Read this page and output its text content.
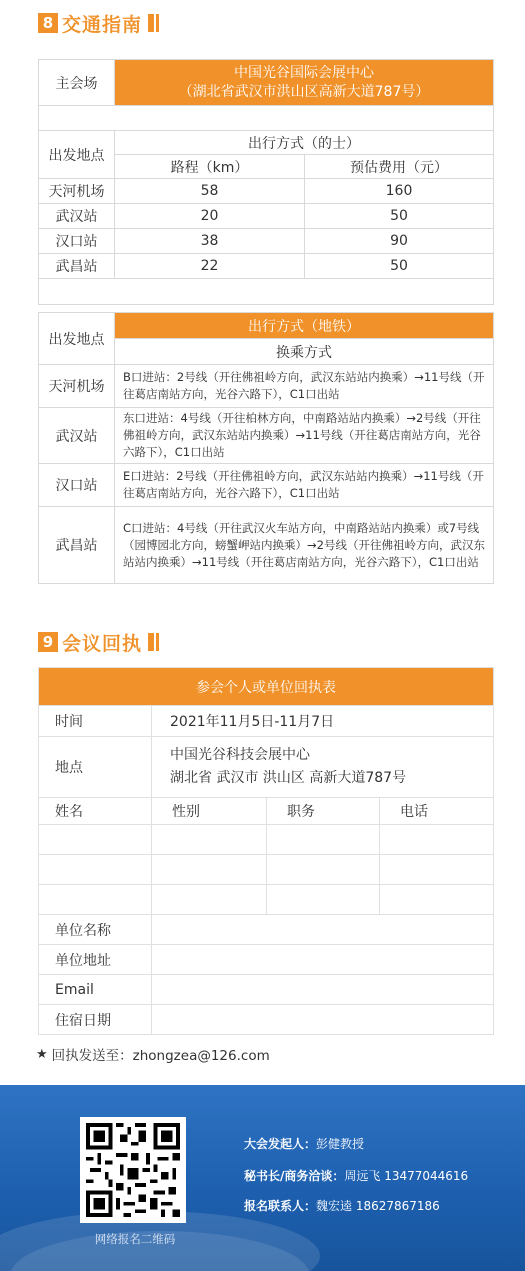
8 交通指南
主会场	中国光谷国际会展中心
（湖北省武汉市洪山区高新大道787号）	

出发地点	出行方式（的士）	
	路程（km）	预估费用（元）
天河机场	58	160
武汉站	20	50
汉口站	38	90
武昌站	22	50

出发地点	出行方式（地铁）
	换乘方式
天河机场	B口进站：2号线（开往佛祖岭方向，武汉东站站内换乘）→11号线（开往葛店南站方向，光谷六路下），C1口出站
武汉站	东口进站：4号线（开往柏林方向，中南路站站内换乘）→2号线（开往佛祖岭方向，武汉东站站内换乘）→11号线（开往葛店南站方向，光谷六路下），C1口出站
汉口站	E口进站：2号线（开往佛祖岭方向，武汉东站站内换乘）→11号线（开往葛店南站方向，光谷六路下），C1口出站
武昌站	C口进站：4号线（开往武汉火车站方向，中南路站站内换乘）或7号线（园博园北方向，螃蟹岬站内换乘）→2号线（开往佛祖岭方向，武汉东站站内换乘）→11号线（开往葛店南站方向，光谷六路下），C1口出站
9 会议回执
参会个人或单位回执表			
时间	2021年11月5日-11月7日		
地点	中国光谷科技会展中心
湖北省 武汉市 洪山区 高新大道787号		

姓名	性别	职务	电话

单位名称			
单位地址			
Email			
住宿日期			
★ 回执发送至：zhongzea@126.com
网络报名二维码
大会发起人：彭健教授
秘书长/商务洽谈：周远飞 13477044616
报名联系人：魏宏逵 18627867186
